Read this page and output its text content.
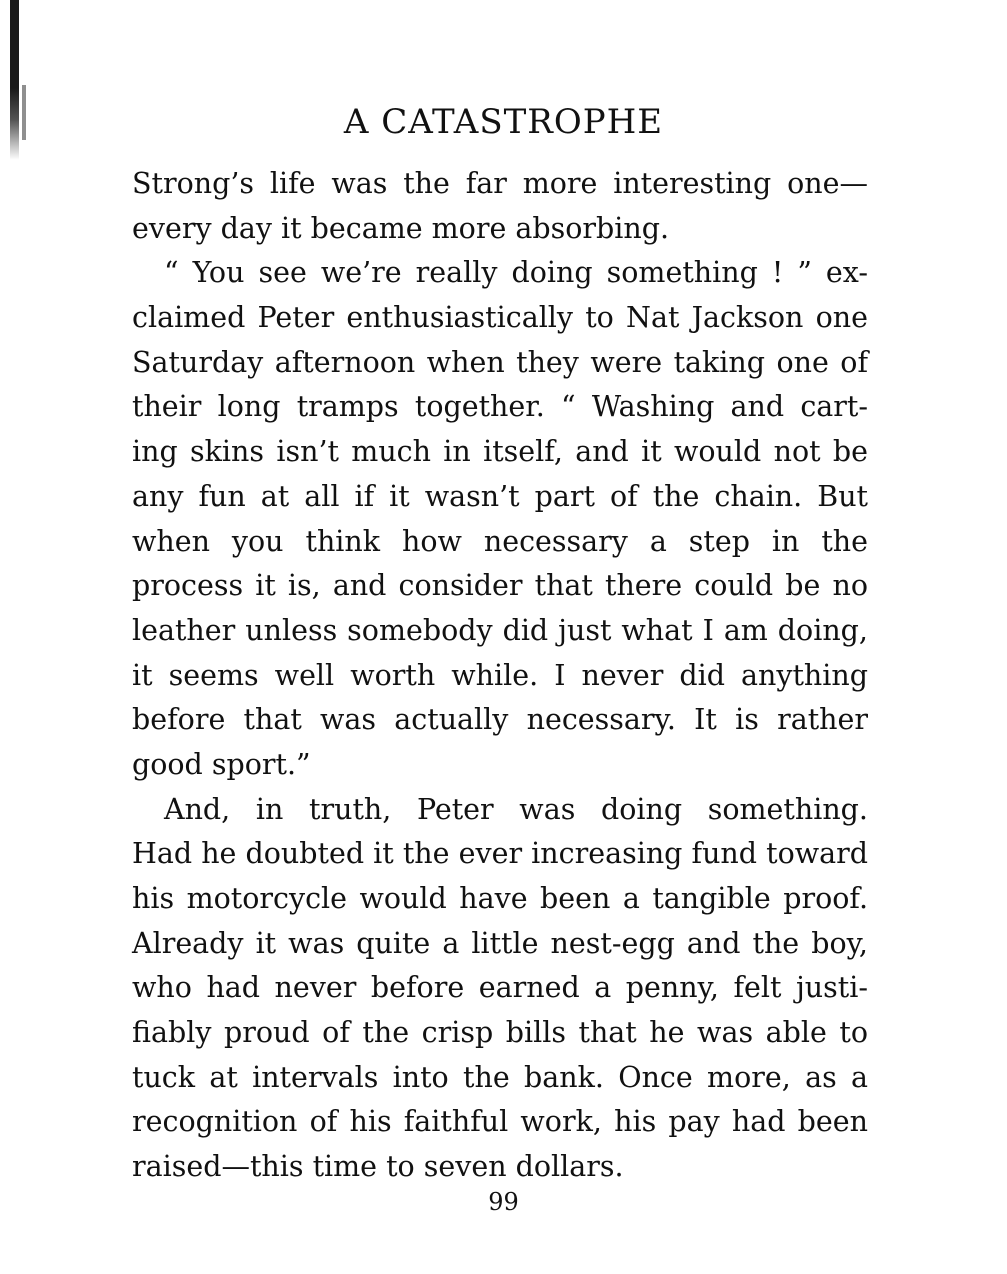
A CATASTROPHE
Strong’s life was the far more interesting one—
every day it became more absorbing.
“ You see we’re really doing something ! ” ex-
claimed Peter enthusiastically to Nat Jackson one
Saturday afternoon when they were taking one of
their long tramps together. “ Washing and cart-
ing skins isn’t much in itself, and it would not be
any fun at all if it wasn’t part of the chain. But
when you think how necessary a step in the
process it is, and consider that there could be no
leather unless somebody did just what I am doing,
it seems well worth while. I never did anything
before that was actually necessary. It is rather
good sport.”
And, in truth, Peter was doing something.
Had he doubted it the ever increasing fund toward
his motorcycle would have been a tangible proof.
Already it was quite a little nest-egg and the boy,
who had never before earned a penny, felt justi-
fiably proud of the crisp bills that he was able to
tuck at intervals into the bank. Once more, as a
recognition of his faithful work, his pay had been
raised—this time to seven dollars.
99
